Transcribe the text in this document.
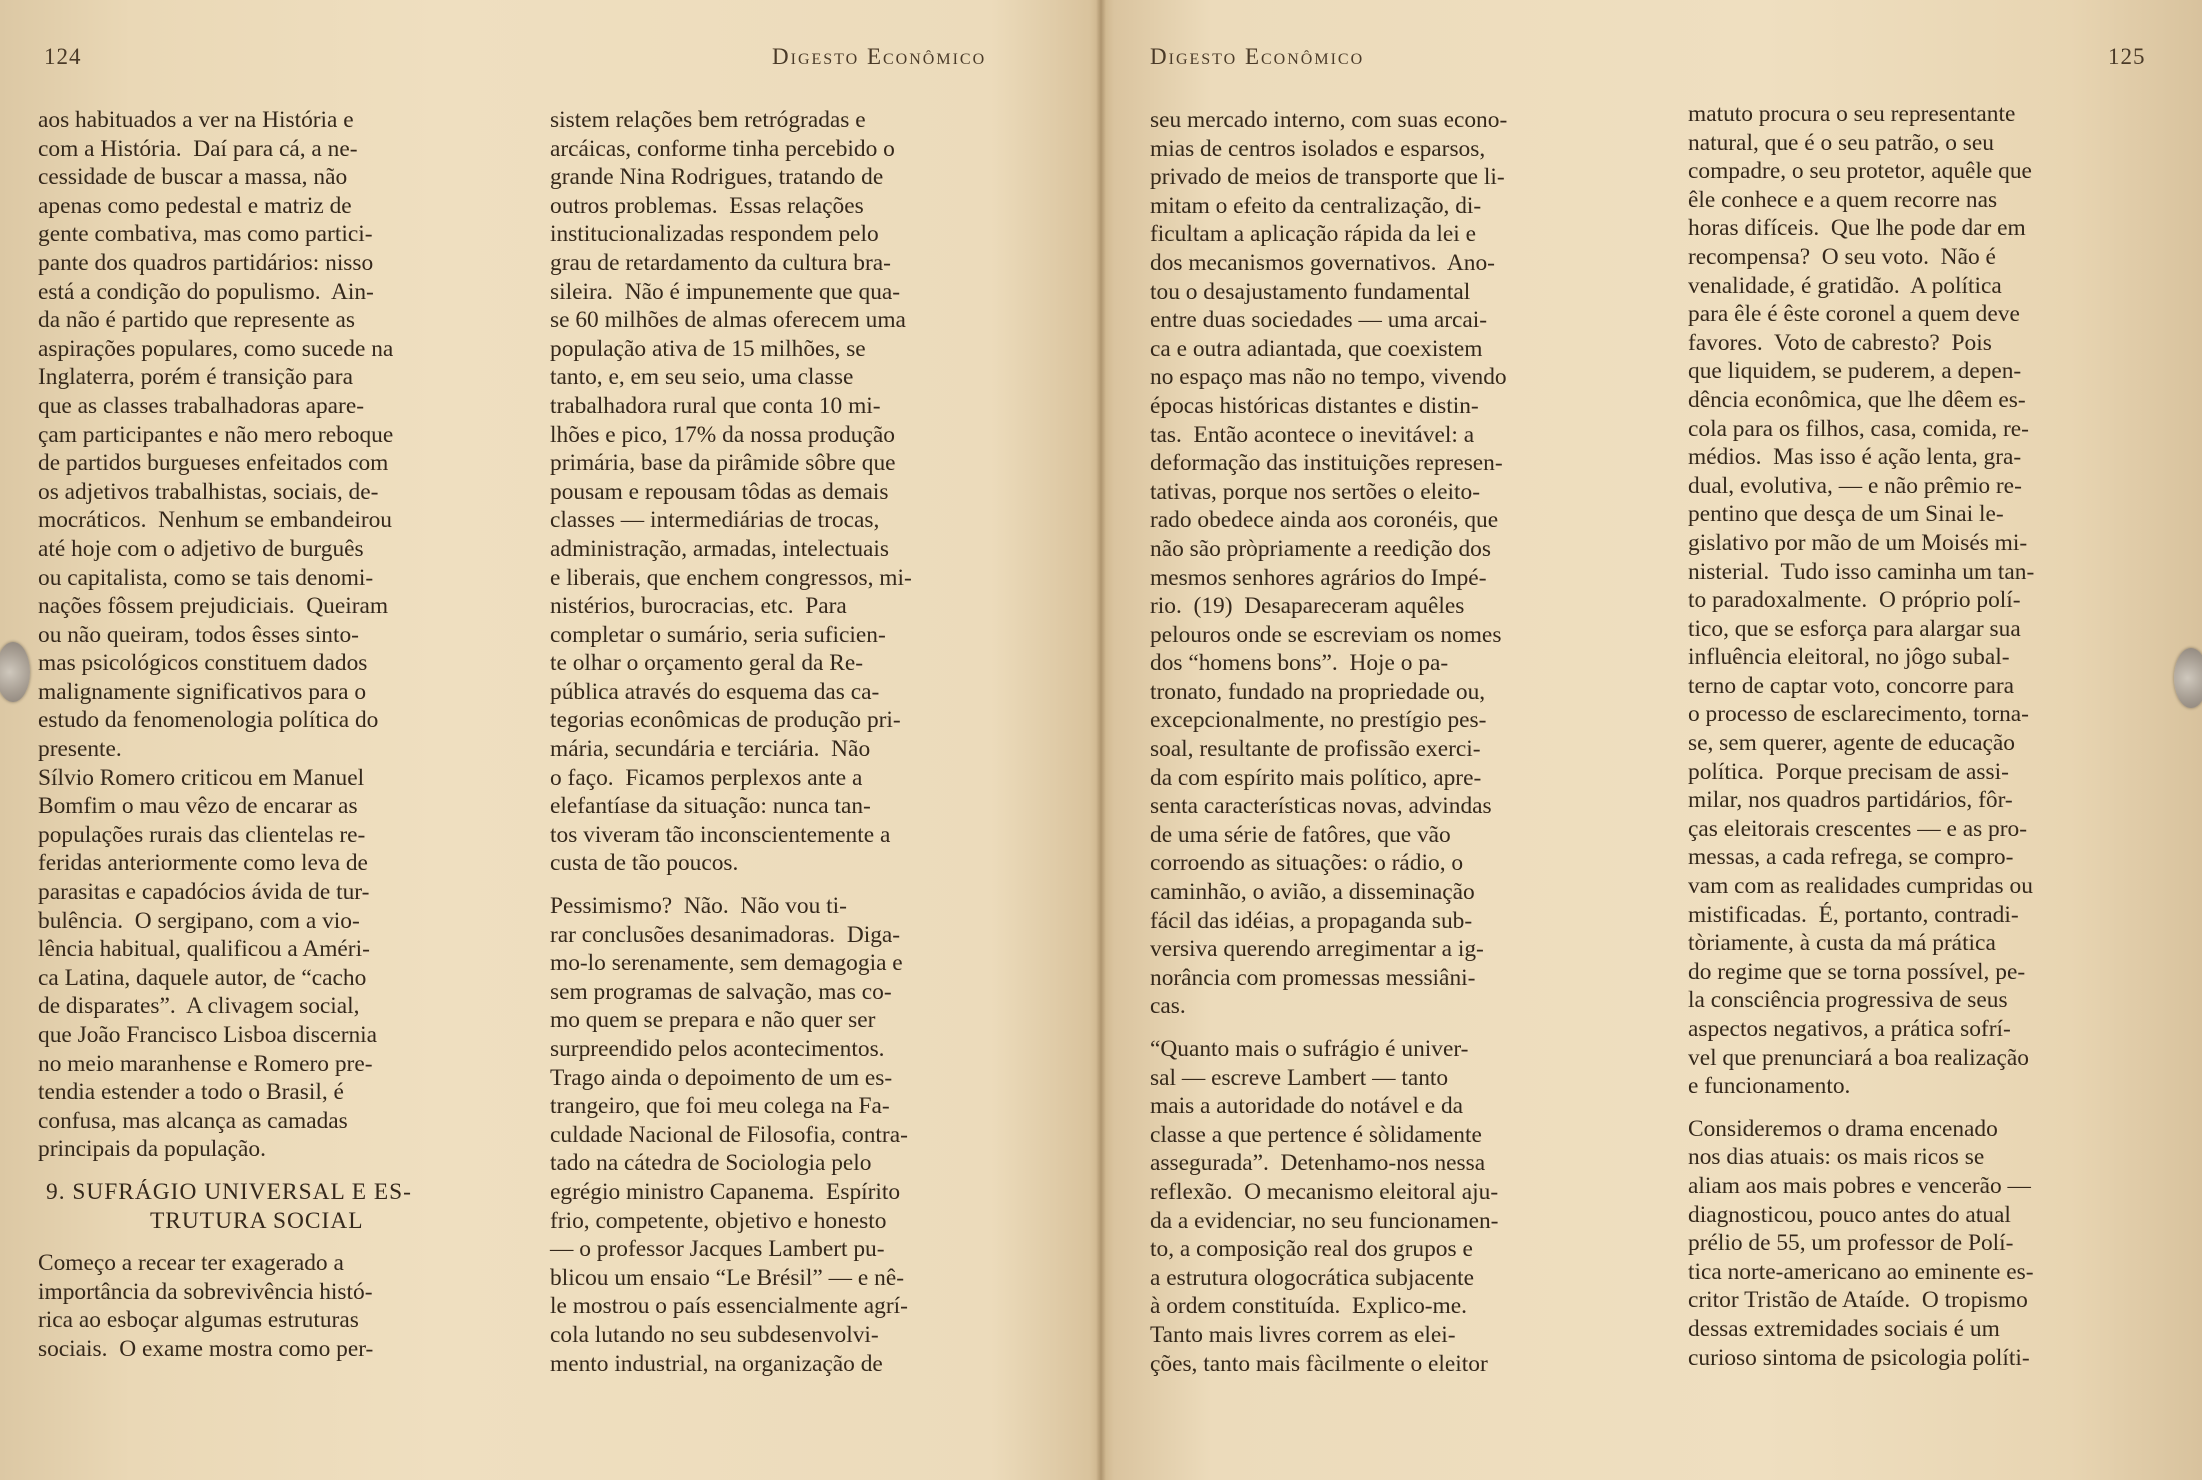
124	Digesto Econômico
aos habituados a ver na História e
com a História.  Daí para cá, a ne-
cessidade de buscar a massa, não
apenas como pedestal e matriz de
gente combativa, mas como partici-
pante dos quadros partidários: nisso
está a condição do populismo.  Ain-
da não é partido que represente as
aspirações populares, como sucede na
Inglaterra, porém é transição para
que as classes trabalhadoras apare-
çam participantes e não mero reboque
de partidos burgueses enfeitados com
os adjetivos trabalhistas, sociais, de-
mocráticos.  Nenhum se embandeirou
até hoje com o adjetivo de burguês
ou capitalista, como se tais denomi-
nações fôssem prejudiciais.  Queiram
ou não queiram, todos êsses sinto-
mas psicológicos constituem dados
malignamente significativos para o
estudo da fenomenologia política do
presente.
Sílvio Romero criticou em Manuel
Bomfim o mau vêzo de encarar as
populações rurais das clientelas re-
feridas anteriormente como leva de
parasitas e capadócios ávida de tur-
bulência.  O sergipano, com a vio-
lência habitual, qualificou a Améri-
ca Latina, daquele autor, de “cacho
de disparates”.  A clivagem social,
que João Francisco Lisboa discernia
no meio maranhense e Romero pre-
tendia estender a todo o Brasil, é
confusa, mas alcança as camadas
principais da população.
9. SUFRÁGIO UNIVERSAL E ES-
TRUTURA SOCIAL
Começo a recear ter exagerado a
importância da sobrevivência histó-
rica ao esboçar algumas estruturas
sociais.  O exame mostra como per-
sistem relações bem retrógradas e
arcáicas, conforme tinha percebido o
grande Nina Rodrigues, tratando de
outros problemas.  Essas relações
institucionalizadas respondem pelo
grau de retardamento da cultura bra-
sileira.  Não é impunemente que qua-
se 60 milhões de almas oferecem uma
população ativa de 15 milhões, se
tanto, e, em seu seio, uma classe
trabalhadora rural que conta 10 mi-
lhões e pico, 17% da nossa produção
primária, base da pirâmide sôbre que
pousam e repousam tôdas as demais
classes — intermediárias de trocas,
administração, armadas, intelectuais
e liberais, que enchem congressos, mi-
nistérios, burocracias, etc.  Para
completar o sumário, seria suficien-
te olhar o orçamento geral da Re-
pública através do esquema das ca-
tegorias econômicas de produção pri-
mária, secundária e terciária.  Não
o faço.  Ficamos perplexos ante a
elefantíase da situação: nunca tan-
tos viveram tão inconscientemente a
custa de tão poucos.
Pessimismo?  Não.  Não vou ti-
rar conclusões desanimadoras.  Diga-
mo-lo serenamente, sem demagogia e
sem programas de salvação, mas co-
mo quem se prepara e não quer ser
surpreendido pelos acontecimentos.
Trago ainda o depoimento de um es-
trangeiro, que foi meu colega na Fa-
culdade Nacional de Filosofia, contra-
tado na cátedra de Sociologia pelo
egrégio ministro Capanema.  Espírito
frio, competente, objetivo e honesto
— o professor Jacques Lambert pu-
blicou um ensaio “Le Brésil” — e nê-
le mostrou o país essencialmente agrí-
cola lutando no seu subdesenvolvi-
mento industrial, na organização de
Digesto Econômico	125
seu mercado interno, com suas econo-
mias de centros isolados e esparsos,
privado de meios de transporte que li-
mitam o efeito da centralização, di-
ficultam a aplicação rápida da lei e
dos mecanismos governativos.  Ano-
tou o desajustamento fundamental
entre duas sociedades — uma arcai-
ca e outra adiantada, que coexistem
no espaço mas não no tempo, vivendo
épocas históricas distantes e distin-
tas.  Então acontece o inevitável: a
deformação das instituições represen-
tativas, porque nos sertões o eleito-
rado obedece ainda aos coronéis, que
não são pròpriamente a reedição dos
mesmos senhores agrários do Impé-
rio.  (19)  Desapareceram aquêles
pelouros onde se escreviam os nomes
dos “homens bons”.  Hoje o pa-
tronato, fundado na propriedade ou,
excepcionalmente, no prestígio pes-
soal, resultante de profissão exerci-
da com espírito mais político, apre-
senta características novas, advindas
de uma série de fatôres, que vão
corroendo as situações: o rádio, o
caminhão, o avião, a disseminação
fácil das idéias, a propaganda sub-
versiva querendo arregimentar a ig-
norância com promessas messiâni-
cas.
“Quanto mais o sufrágio é univer-
sal — escreve Lambert — tanto
mais a autoridade do notável e da
classe a que pertence é sòlidamente
assegurada”.  Detenhamo-nos nessa
reflexão.  O mecanismo eleitoral aju-
da a evidenciar, no seu funcionamen-
to, a composição real dos grupos e
a estrutura ologocrática subjacente
à ordem constituída.  Explico-me.
Tanto mais livres correm as elei-
ções, tanto mais fàcilmente o eleitor
matuto procura o seu representante
natural, que é o seu patrão, o seu
compadre, o seu protetor, aquêle que
êle conhece e a quem recorre nas
horas difíceis.  Que lhe pode dar em
recompensa?  O seu voto.  Não é
venalidade, é gratidão.  A política
para êle é êste coronel a quem deve
favores.  Voto de cabresto?  Pois
que liquidem, se puderem, a depen-
dência econômica, que lhe dêem es-
cola para os filhos, casa, comida, re-
médios.  Mas isso é ação lenta, gra-
dual, evolutiva, — e não prêmio re-
pentino que desça de um Sinai le-
gislativo por mão de um Moisés mi-
nisterial.  Tudo isso caminha um tan-
to paradoxalmente.  O próprio polí-
tico, que se esforça para alargar sua
influência eleitoral, no jôgo subal-
terno de captar voto, concorre para
o processo de esclarecimento, torna-
se, sem querer, agente de educação
política.  Porque precisam de assi-
milar, nos quadros partidários, fôr-
ças eleitorais crescentes — e as pro-
messas, a cada refrega, se compro-
vam com as realidades cumpridas ou
mistificadas.  É, portanto, contradi-
tòriamente, à custa da má prática
do regime que se torna possível, pe-
la consciência progressiva de seus
aspectos negativos, a prática sofrí-
vel que prenunciará a boa realização
e funcionamento.
Consideremos o drama encenado
nos dias atuais: os mais ricos se
aliam aos mais pobres e vencerão —
diagnosticou, pouco antes do atual
prélio de 55, um professor de Polí-
tica norte-americano ao eminente es-
critor Tristão de Ataíde.  O tropismo
dessas extremidades sociais é um
curioso sintoma de psicologia políti-
